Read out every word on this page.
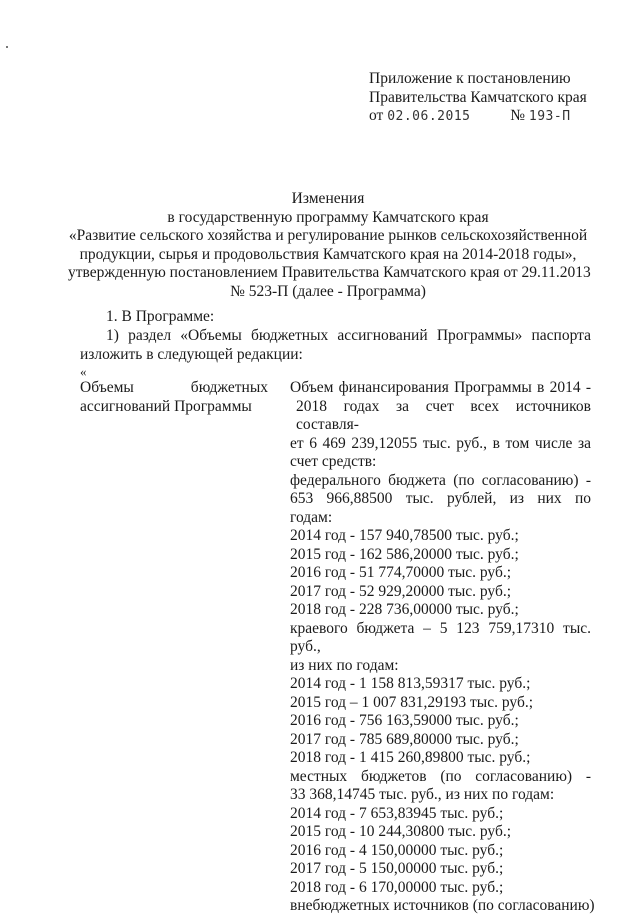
Приложение к постановлению
Правительства Камчатского края
от 02.06.2015	№ 193-П
Изменения
в государственную программу Камчатского края
«Развитие сельского хозяйства и регулирование рынков сельскохозяйственной
продукции, сырья и продовольствия Камчатского края на 2014-2018 годы»,
утвержденную постановлением Правительства Камчатского края от 29.11.2013
№ 523-П (далее - Программа)
1. В Программе:
1) раздел «Объемы бюджетных ассигнований Программы» паспорта
изложить в следующей редакции:
«
Объемы бюджетных
ассигнований Программы
Объем финансирования Программы в 2014 -
2018 годах за счет всех источников составля-
ет 6 469 239,12055 тыс. руб., в том числе за
счет средств:
федерального бюджета (по согласованию) -
653 966,88500 тыс. рублей, из них по
годам:
2014 год - 157 940,78500 тыс. руб.;
2015 год - 162 586,20000 тыс. руб.;
2016 год - 51 774,70000 тыс. руб.;
2017 год - 52 929,20000 тыс. руб.;
2018 год - 228 736,00000 тыс. руб.;
краевого бюджета – 5 123 759,17310 тыс. руб.,
из них по годам:
2014 год - 1 158 813,59317 тыс. руб.;
2015 год – 1 007 831,29193 тыс. руб.;
2016 год - 756 163,59000 тыс. руб.;
2017 год - 785 689,80000 тыс. руб.;
2018 год - 1 415 260,89800 тыс. руб.;
местных бюджетов (по согласованию) -
33 368,14745 тыс. руб., из них по годам:
2014 год - 7 653,83945 тыс. руб.;
2015 год - 10 244,30800 тыс. руб.;
2016 год - 4 150,00000 тыс. руб.;
2017 год - 5 150,00000 тыс. руб.;
2018 год - 6 170,00000 тыс. руб.;
внебюджетных источников (по согласованию)
